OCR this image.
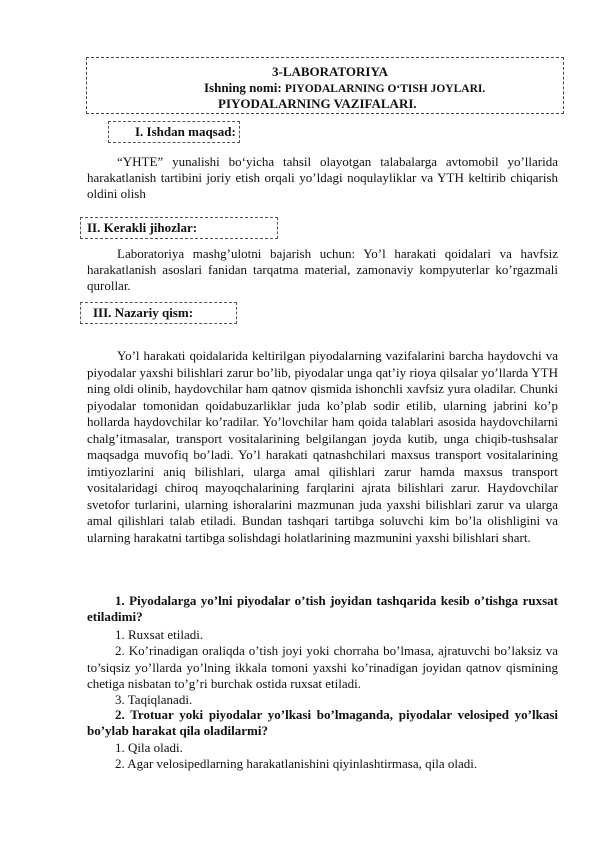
3-LABORATORIYA
Ishning nomi: PIYODALARNING O‘TISH JOYLARI.
PIYODALARNING VAZIFALARI.
I. Ishdan maqsad:

“YHTE” yunalishi bo‘yicha tahsil olayotgan talabalarga avtomobil yo’llarida harakatlanish tartibini joriy etish orqali yo’ldagi noqulayliklar va YTH keltirib chiqarish oldini olish

II. Kerakli jihozlar:

Laboratoriya mashg’ulotni bajarish uchun: Yo’l harakati qoidalari va havfsiz harakatlanish asoslari fanidan tarqatma material, zamonaviy kompyuterlar ko’rgazmali qurollar.

III. Nazariy qism:

Yo’l harakati qoidalarida keltirilgan piyodalarning vazifalarini barcha haydovchi va piyodalar yaxshi bilishlari zarur bo’lib, piyodalar unga qat’iy rioya qilsalar yo’llarda YTH ning oldi olinib, haydovchilar ham qatnov qismida ishonchli xavfsiz yura oladilar. Chunki piyodalar tomonidan qoidabuzarliklar juda ko’plab sodir etilib, ularning jabrini ko’p hollarda haydovchilar ko’radilar. Yo’lovchilar ham qoida talablari asosida haydovchilarni chalg’itmasalar, transport vositalarining belgilangan joyda kutib, unga chiqib-tushsalar maqsadga muvofiq bo’ladi. Yo’l harakati qatnashchilari maxsus transport vositalarining imtiyozlarini aniq bilishlari, ularga amal qilishlari zarur hamda maxsus transport vositalaridagi chiroq mayoqchalarining farqlarini ajrata bilishlari zarur. Haydovchilar svetofor turlarini, ularning ishoralarini mazmunan juda yaxshi bilishlari zarur va ularga amal qilishlari talab etiladi. Bundan tashqari tartibga soluvchi kim bo’la olishligini va ularning harakatni tartibga solishdagi holatlarining mazmunini yaxshi bilishlari shart.

1. Piyodalarga yo’lni piyodalar o’tish joyidan tashqarida kesib o’tishga ruxsat etiladimi?
1. Ruxsat etiladi.
2. Ko’rinadigan oraliqda o’tish joyi yoki chorraha bo’lmasa, ajratuvchi bo’laksiz va to’siqsiz yo’llarda yo’lning ikkala tomoni yaxshi ko’rinadigan joyidan qatnov qismining chetiga nisbatan to’g’ri burchak ostida ruxsat etiladi.
3. Taqiqlanadi.
2. Trotuar yoki piyodalar yo’lkasi bo’lmaganda, piyodalar velosiped yo’lkasi bo’ylab harakat qila oladilarmi?
1. Qila oladi.
2. Agar velosipedlarning harakatlanishini qiyinlashtirmasa, qila oladi.
